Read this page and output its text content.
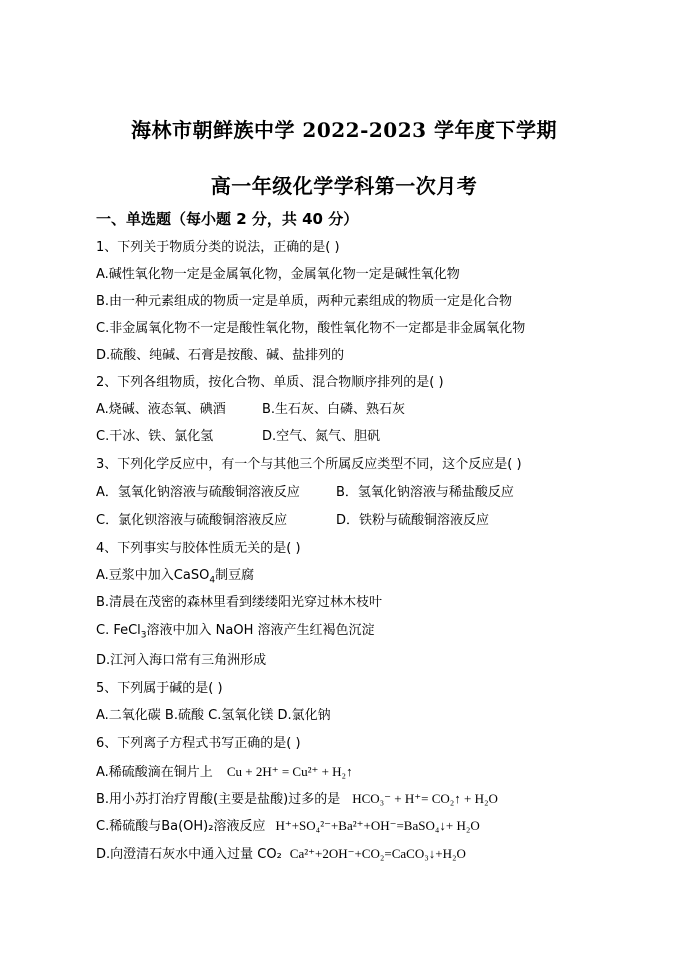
海林市朝鲜族中学 2022-2023 学年度下学期
高一年级化学学科第一次月考
一、单选题（每小题 2 分，共 40 分）
1、下列关于物质分类的说法，正确的是( )
A.碱性氧化物一定是金属氧化物，金属氧化物一定是碱性氧化物
B.由一种元素组成的物质一定是单质，两种元素组成的物质一定是化合物
C.非金属氧化物不一定是酸性氧化物，酸性氧化物不一定都是非金属氧化物
D.硫酸、纯碱、石膏是按酸、碱、盐排列的
2、下列各组物质，按化合物、单质、混合物顺序排列的是( )
A.烧碱、液态氧、碘酒	B.生石灰、白磷、熟石灰
C.干冰、铁、氯化氢	D.空气、氮气、胆矾
3、下列化学反应中，有一个与其他三个所属反应类型不同，这个反应是( )
A．氢氧化钠溶液与硫酸铜溶液反应	B．氢氧化钠溶液与稀盐酸反应
C．氯化钡溶液与硫酸铜溶液反应	D．铁粉与硫酸铜溶液反应
4、下列事实与胶体性质无关的是( )
A.豆浆中加入CaSO$_4$制豆腐
B.清晨在茂密的森林里看到缕缕阳光穿过林木枝叶
C. FeCl$_3$溶液中加入 NaOH 溶液产生红褐色沉淀
D.江河入海口常有三角洲形成
5、下列属于碱的是( )
A.二氧化碳 B.硫酸 C.氢氧化镁 D.氯化钠
6、下列离子方程式书写正确的是( )
A.稀硫酸滴在铜片上 Cu + 2H⁺ = Cu²⁺ + H₂↑
B.用小苏打治疗胃酸(主要是盐酸)过多的是 HCO₃⁻ + H⁺= CO₂↑ + H₂O
C.稀硫酸与Ba(OH)₂溶液反应 H⁺+SO₄²⁻+Ba²⁺+OH⁻=BaSO₄↓+ H₂O
D.向澄清石灰水中通入过量 CO₂ Ca²⁺+2OH⁻+CO₂=CaCO₃↓+H₂O
